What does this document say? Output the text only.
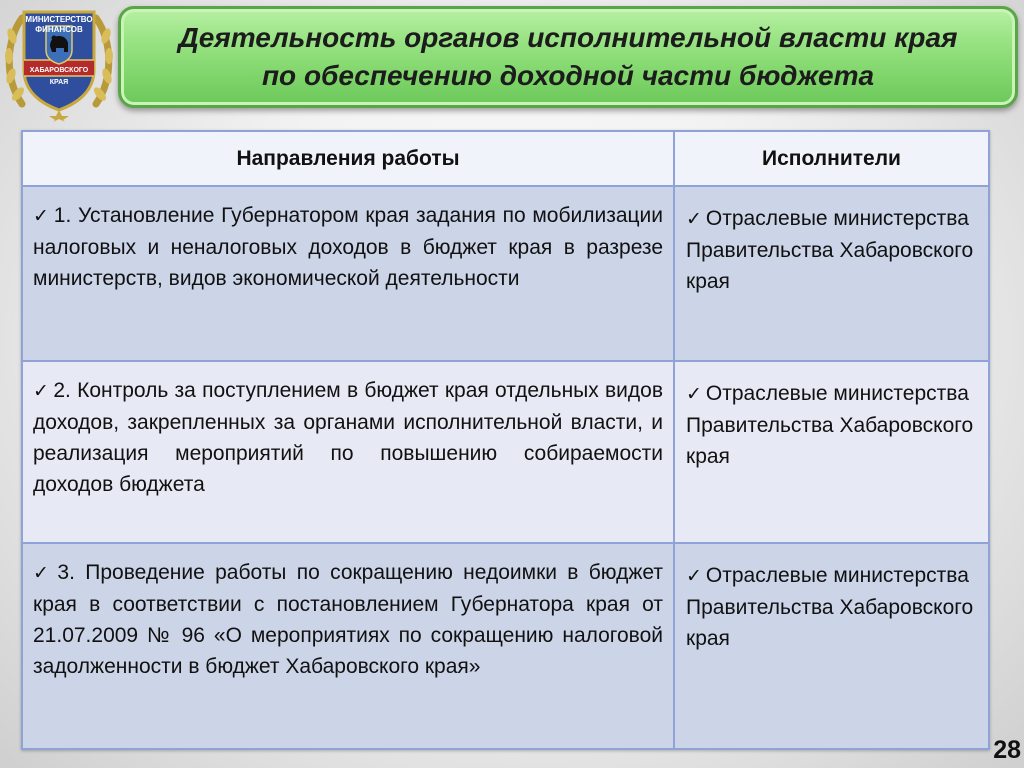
МИНИСТЕРСТВО
ФИНАНСОВ
ХАБАРОВСКОГО
КРАЯ
Деятельность органов исполнительной власти края
по обеспечению доходной части бюджета
Направления работы	Исполнители

✓ 1. Установление Губернатором края задания по мобилизации налоговых и неналоговых доходов в бюджет края в разрезе министерств, видов экономической деятельности	✓ Отраслевые министерства Правительства Хабаровского края

✓ 2. Контроль за поступлением в бюджет края отдельных видов доходов, закрепленных за органами исполнительной власти, и реализация мероприятий по повышению собираемости доходов бюджета	✓ Отраслевые министерства Правительства Хабаровского края

✓ 3. Проведение работы по сокращению недоимки в бюджет края в соответствии с постановлением Губернатора края от 21.07.2009 № 96 «О мероприятиях по сокращению налоговой задолженности в бюджет Хабаровского края»	✓ Отраслевые министерства Правительства Хабаровского края
28
